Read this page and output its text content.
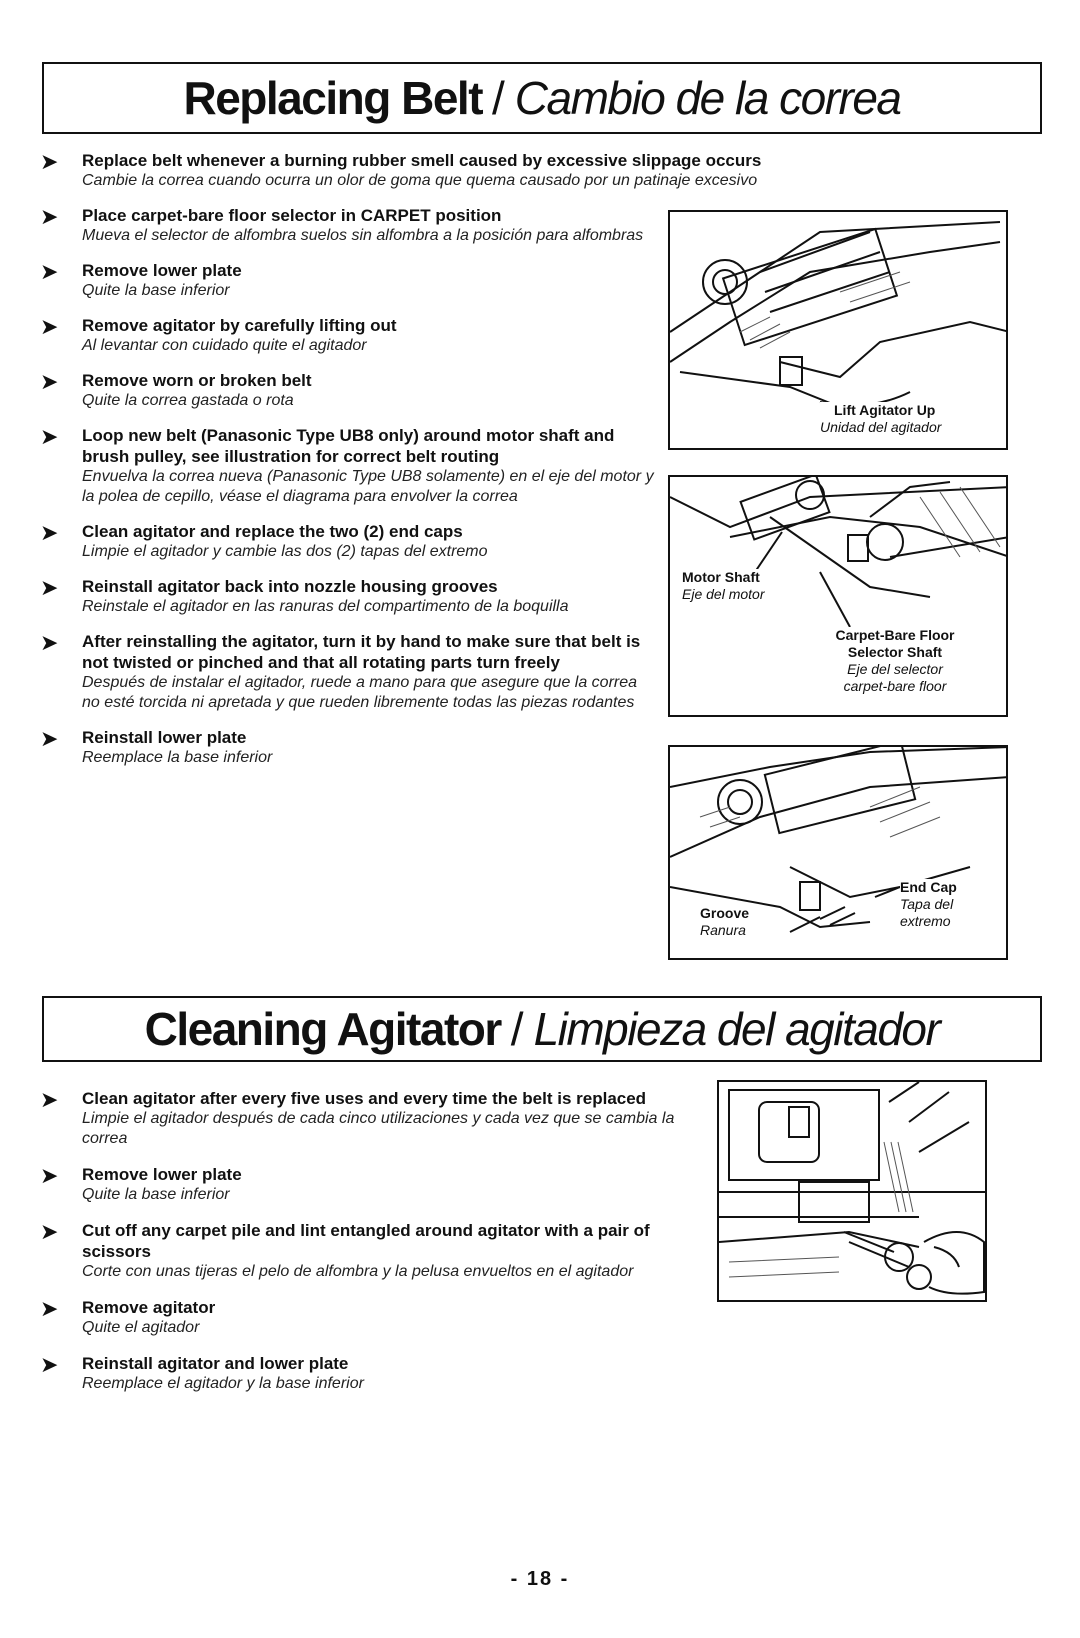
Replacing Belt / Cambio de la correa
➤ Replace belt whenever a burning rubber smell caused by excessive slippage occurs
Cambie la correa cuando ocurra un olor de goma que quema causado por un patinaje excesivo
➤ Place carpet-bare floor selector in CARPET position
Mueva el selector de alfombra suelos sin alfombra a la posición para alfombras
➤ Remove lower plate
Quite la base inferior
➤ Remove agitator by carefully lifting out
Al levantar con cuidado quite el agitador
➤ Remove worn or broken belt
Quite la correa gastada o rota
➤ Loop new belt (Panasonic Type UB8 only) around motor shaft and brush pulley, see illustration for correct belt routing
Envuelva la correa nueva (Panasonic Type UB8 solamente) en el eje del motor y la polea de cepillo, véase el diagrama para envolver la correa
➤ Clean agitator and replace the two (2) end caps
Limpie el agitador y cambie las dos (2) tapas del extremo
➤ Reinstall agitator back into nozzle housing grooves
Reinstale el agitador en las ranuras del compartimento de la boquilla
➤ After reinstalling the agitator, turn it by hand to make sure that belt is not twisted or pinched and that all rotating parts turn freely
Después de instalar el agitador, ruede a mano para que asegure que la correa no esté torcida ni apretada y que rueden libremente todas las piezas rodantes
➤ Reinstall lower plate
Reemplace la base inferior
Lift Agitator Up
Unidad del agitador
Motor Shaft
Eje del motor
Carpet-Bare Floor
Selector Shaft
Eje del selector
carpet-bare floor
End Cap
Tapa del
extremo
Groove
Ranura
Cleaning Agitator / Limpieza del agitador
➤ Clean agitator after every five uses and every time the belt is replaced
Limpie el agitador después de cada cinco utilizaciones y cada vez que se cambia la correa
➤ Remove lower plate
Quite la base inferior
➤ Cut off any carpet pile and lint entangled around agitator with a pair of scissors
Corte con unas tijeras el pelo de alfombra y la pelusa envueltos en el agitador
➤ Remove agitator
Quite el agitador
➤ Reinstall agitator and lower plate
Reemplace el agitador y la base inferior
- 18 -
